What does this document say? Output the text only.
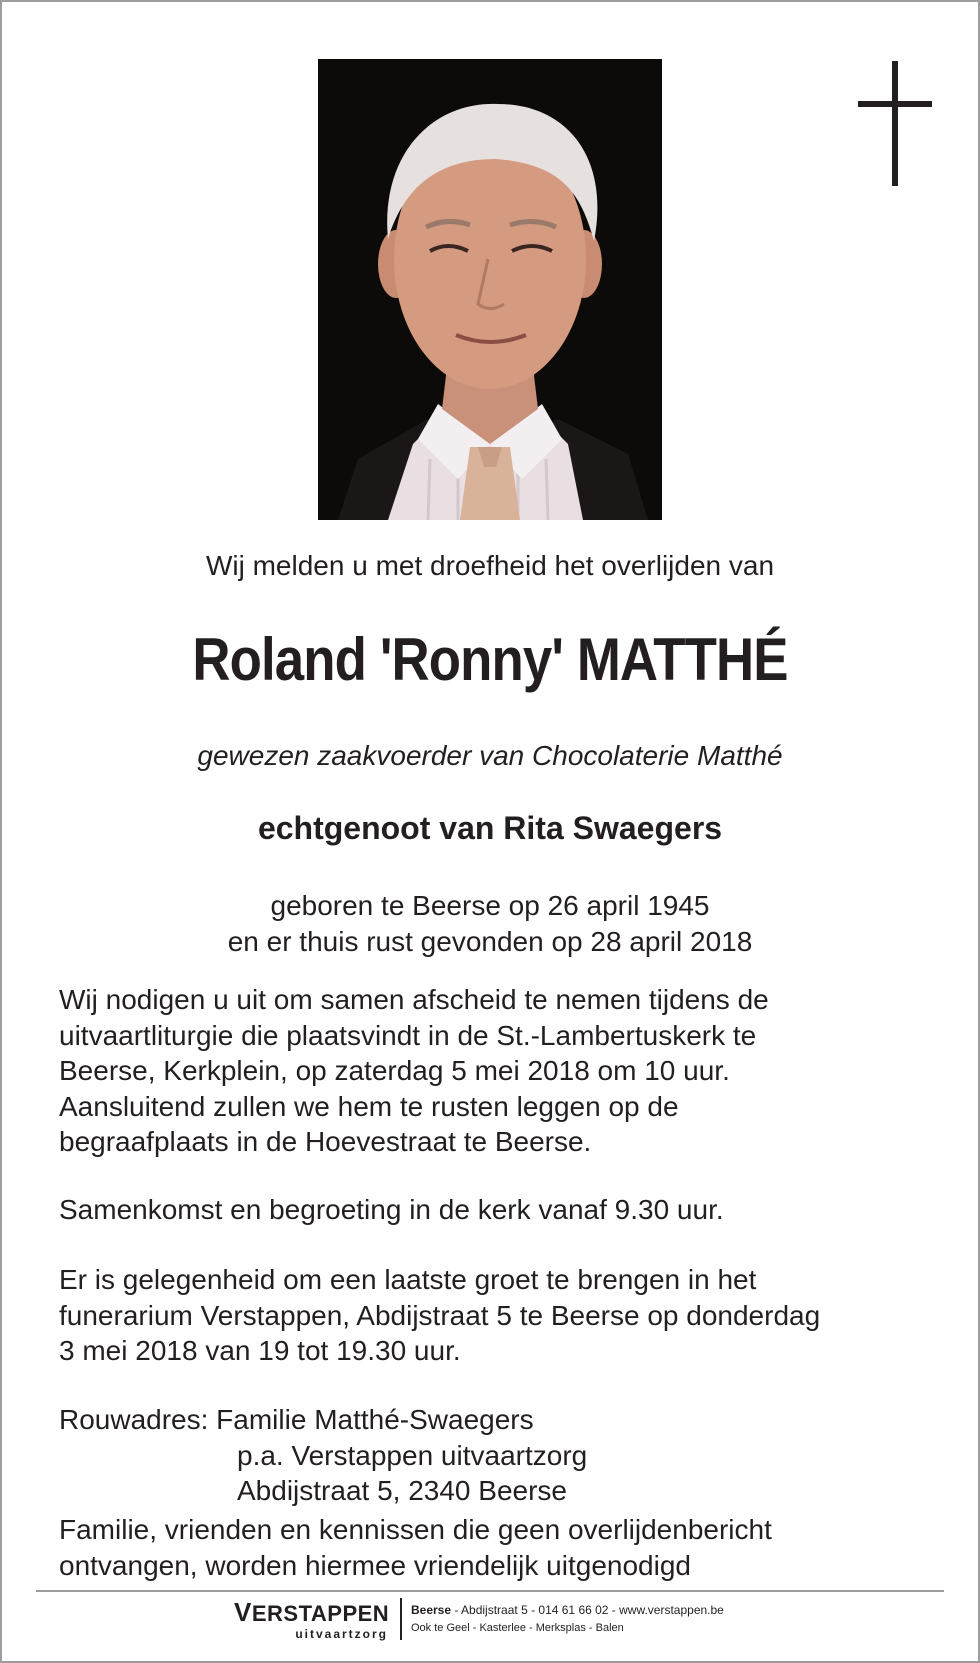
Wij melden u met droefheid het overlijden van
Roland 'Ronny' MATTHÉ
gewezen zaakvoerder van Chocolaterie Matthé
echtgenoot van Rita Swaegers
geboren te Beerse op 26 april 1945
en er thuis rust gevonden op 28 april 2018
Wij nodigen u uit om samen afscheid te nemen tijdens de
uitvaartliturgie die plaatsvindt in de St.-Lambertuskerk te
Beerse, Kerkplein, op zaterdag 5 mei 2018 om 10 uur.
Aansluitend zullen we hem te rusten leggen op de
begraafplaats in de Hoevestraat te Beerse.
Samenkomst en begroeting in de kerk vanaf 9.30 uur.
Er is gelegenheid om een laatste groet te brengen in het
funerarium Verstappen, Abdijstraat 5 te Beerse op donderdag
3 mei 2018 van 19 tot 19.30 uur.
Rouwadres: Familie Matthé-Swaegers
p.a. Verstappen uitvaartzorg
Abdijstraat 5, 2340 Beerse
Familie, vrienden en kennissen die geen overlijdenbericht
ontvangen, worden hiermee vriendelijk uitgenodigd
VERSTAPPEN
uitvaartzorg
Beerse - Abdijstraat 5 - 014 61 66 02 - www.verstappen.be
Ook te Geel - Kasterlee - Merksplas - Balen
